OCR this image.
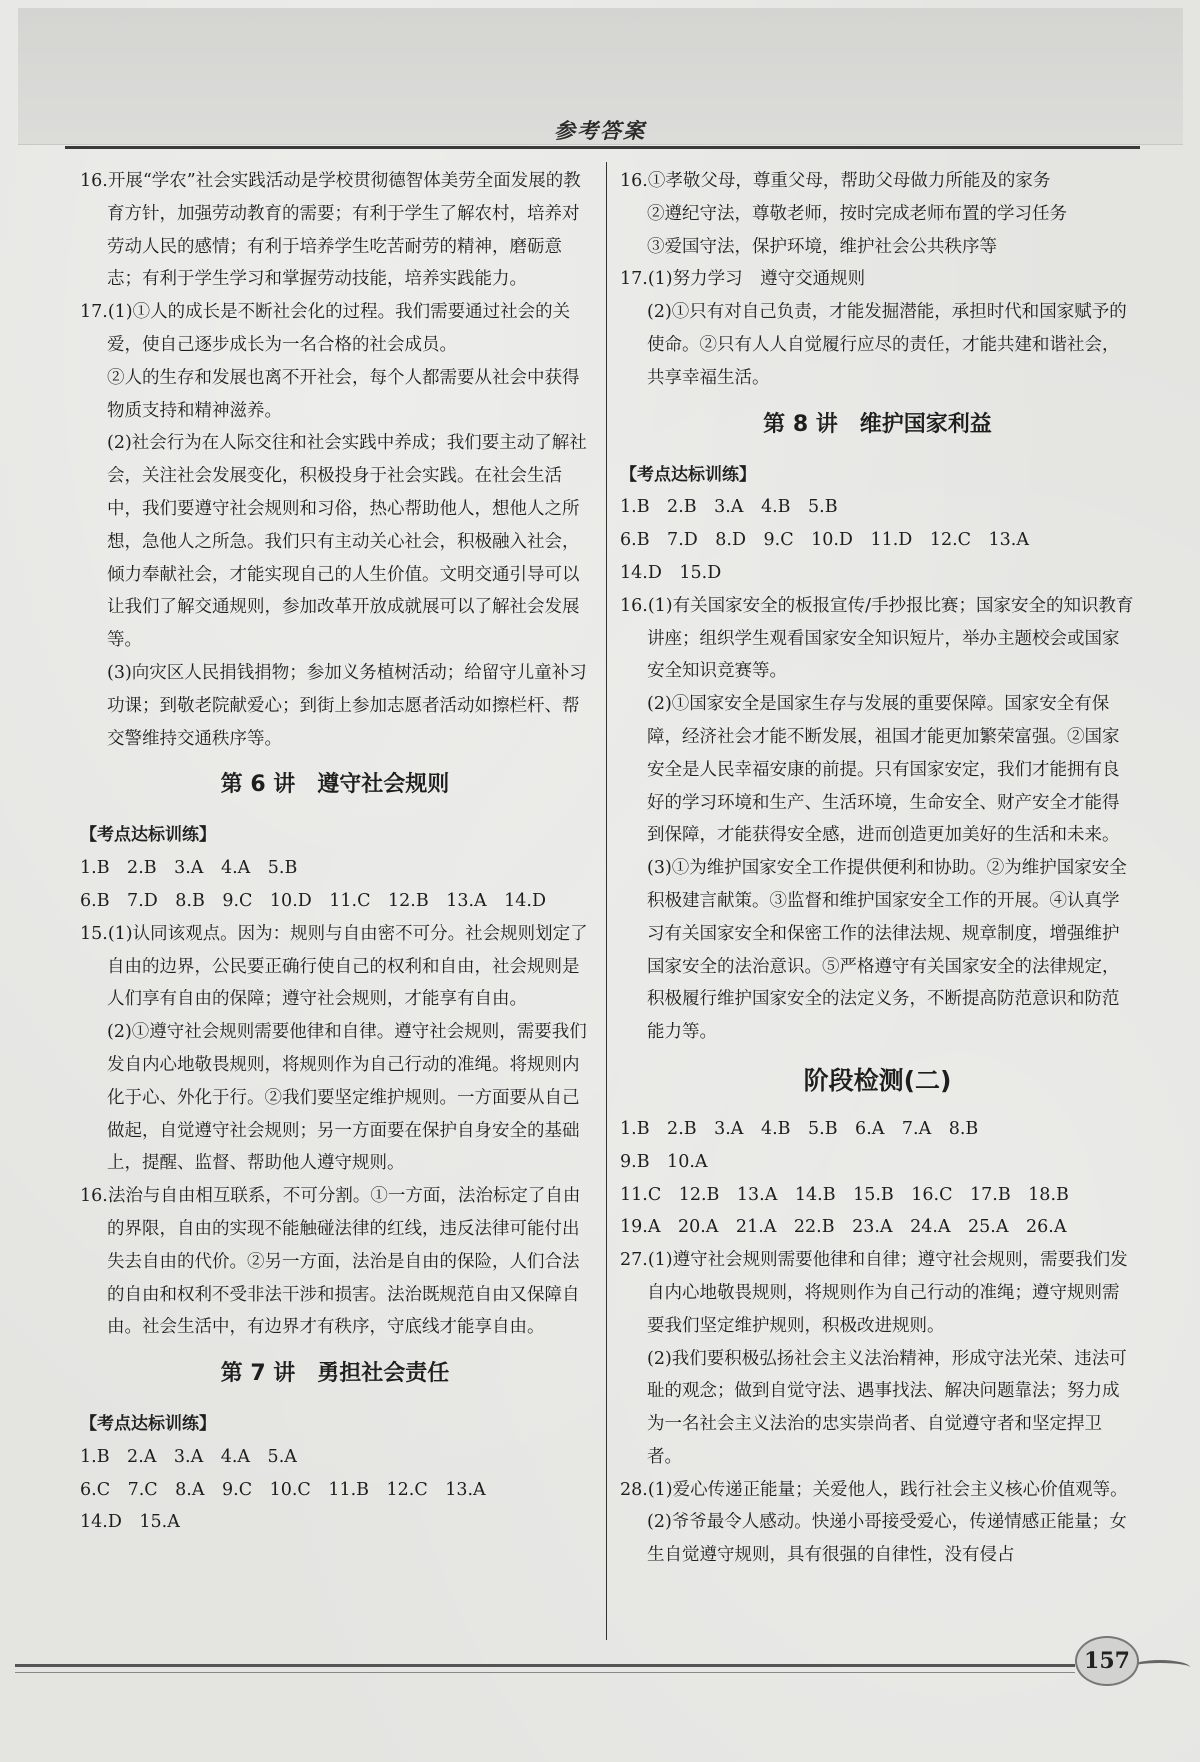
参考答案

16.开展“学农”社会实践活动是学校贯彻德智体美劳全面发展的教育方针，加强劳动教育的需要；有利于学生了解农村，培养对劳动人民的感情；有利于培养学生吃苦耐劳的精神，磨砺意志；有利于学生学习和掌握劳动技能，培养实践能力。

17.(1)①人的成长是不断社会化的过程。我们需要通过社会的关爱，使自己逐步成长为一名合格的社会成员。

②人的生存和发展也离不开社会，每个人都需要从社会中获得物质支持和精神滋养。

(2)社会行为在人际交往和社会实践中养成；我们要主动了解社会，关注社会发展变化，积极投身于社会实践。在社会生活中，我们要遵守社会规则和习俗，热心帮助他人，想他人之所想，急他人之所急。我们只有主动关心社会，积极融入社会，倾力奉献社会，才能实现自己的人生价值。文明交通引导可以让我们了解交通规则，参加改革开放成就展可以了解社会发展等。

(3)向灾区人民捐钱捐物；参加义务植树活动；给留守儿童补习功课；到敬老院献爱心；到街上参加志愿者活动如擦栏杆、帮交警维持交通秩序等。

第 6 讲　遵守社会规则
【考点达标训练】

1.B　2.B　3.A　4.A　5.B

6.B　7.D　8.B　9.C　10.D　11.C　12.B　13.A　14.D

15.(1)认同该观点。因为：规则与自由密不可分。社会规则划定了自由的边界，公民要正确行使自己的权利和自由，社会规则是人们享有自由的保障；遵守社会规则，才能享有自由。

(2)①遵守社会规则需要他律和自律。遵守社会规则，需要我们发自内心地敬畏规则，将规则作为自己行动的准绳。将规则内化于心、外化于行。②我们要坚定维护规则。一方面要从自己做起，自觉遵守社会规则；另一方面要在保护自身安全的基础上，提醒、监督、帮助他人遵守规则。

16.法治与自由相互联系，不可分割。①一方面，法治标定了自由的界限，自由的实现不能触碰法律的红线，违反法律可能付出失去自由的代价。②另一方面，法治是自由的保险，人们合法的自由和权利不受非法干涉和损害。法治既规范自由又保障自由。社会生活中，有边界才有秩序，守底线才能享自由。

第 7 讲　勇担社会责任
【考点达标训练】

1.B　2.A　3.A　4.A　5.A

6.C　7.C　8.A　9.C　10.C　11.B　12.C　13.A

14.D　15.A

16.①孝敬父母，尊重父母，帮助父母做力所能及的家务

②遵纪守法，尊敬老师，按时完成老师布置的学习任务

③爱国守法，保护环境，维护社会公共秩序等

17.(1)努力学习　遵守交通规则

(2)①只有对自己负责，才能发掘潜能，承担时代和国家赋予的使命。②只有人人自觉履行应尽的责任，才能共建和谐社会，共享幸福生活。

第 8 讲　维护国家利益
【考点达标训练】

1.B　2.B　3.A　4.B　5.B

6.B　7.D　8.D　9.C　10.D　11.D　12.C　13.A

14.D　15.D

16.(1)有关国家安全的板报宣传/手抄报比赛；国家安全的知识教育讲座；组织学生观看国家安全知识短片，举办主题校会或国家安全知识竞赛等。

(2)①国家安全是国家生存与发展的重要保障。国家安全有保障，经济社会才能不断发展，祖国才能更加繁荣富强。②国家安全是人民幸福安康的前提。只有国家安定，我们才能拥有良好的学习环境和生产、生活环境，生命安全、财产安全才能得到保障，才能获得安全感，进而创造更加美好的生活和未来。

(3)①为维护国家安全工作提供便利和协助。②为维护国家安全积极建言献策。③监督和维护国家安全工作的开展。④认真学习有关国家安全和保密工作的法律法规、规章制度，增强维护国家安全的法治意识。⑤严格遵守有关国家安全的法律规定，积极履行维护国家安全的法定义务，不断提高防范意识和防范能力等。

阶段检测(二)

1.B　2.B　3.A　4.B　5.B　6.A　7.A　8.B

9.B　10.A

11.C　12.B　13.A　14.B　15.B　16.C　17.B　18.B

19.A　20.A　21.A　22.B　23.A　24.A　25.A　26.A

27.(1)遵守社会规则需要他律和自律；遵守社会规则，需要我们发自内心地敬畏规则，将规则作为自己行动的准绳；遵守规则需要我们坚定维护规则，积极改进规则。

(2)我们要积极弘扬社会主义法治精神，形成守法光荣、违法可耻的观念；做到自觉守法、遇事找法、解决问题靠法；努力成为一名社会主义法治的忠实崇尚者、自觉遵守者和坚定捍卫者。

28.(1)爱心传递正能量；关爱他人，践行社会主义核心价值观等。

(2)爷爷最令人感动。快递小哥接受爱心，传递情感正能量；女生自觉遵守规则，具有很强的自律性，没有侵占

157
